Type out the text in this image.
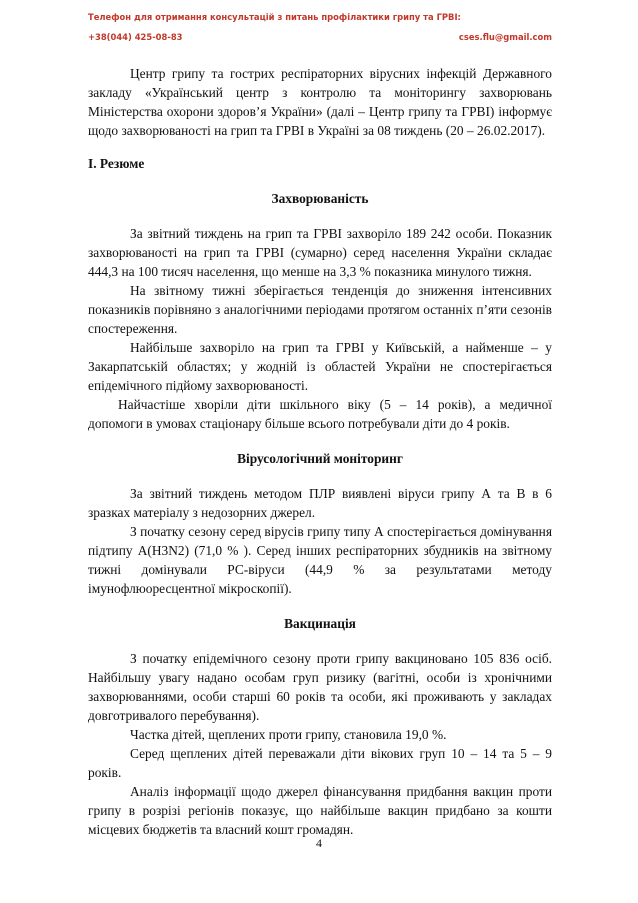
Телефон для отримання консультацій з питань профілактики грипу та ГРВІ:
+38(044) 425-08-83	cses.flu@gmail.com

Центр грипу та гострих респіраторних вірусних інфекцій Державного закладу «Український центр з контролю та моніторингу захворювань Міністерства охорони здоров’я України» (далі – Центр грипу та ГРВІ) інформує щодо захворюваності на грип та ГРВІ в Україні за 08 тиждень (20 – 26.02.2017).

І. Резюме
Захворюваність

За звітний тиждень на грип та ГРВІ захворіло 189 242 особи. Показник захворюваності на грип та ГРВІ (сумарно) серед населення України складає 444,3 на 100 тисяч населення, що менше на 3,3 % показника минулого тижня.

На звітному тижні зберігається тенденція до зниження інтенсивних показників порівняно з аналогічними періодами протягом останніх п’яти сезонів спостереження.

Найбільше захворіло на грип та ГРВІ у Київській, а найменше – у Закарпатській областях; у жодній із областей України не спостерігається епідемічного підйому захворюваності.

Найчастіше хворіли діти шкільного віку (5 – 14 років), а медичної допомоги в умовах стаціонару більше всього потребували діти до 4 років.

Вірусологічний моніторинг

За звітний тиждень методом ПЛР виявлені віруси грипу А та В в 6 зразках матеріалу з недозорних джерел.

З початку сезону серед вірусів грипу типу А спостерігається домінування підтипу А(Н3N2) (71,0 % ). Серед інших респіраторних збудників на звітному тижні домінували РС-віруси (44,9 % за результатами методу імунофлюоресцентної мікроскопії).

Вакцинація

З початку епідемічного сезону проти грипу вакциновано 105 836 осіб. Найбільшу увагу надано особам груп ризику (вагітні, особи із хронічними захворюваннями, особи старші 60 років та особи, які проживають у закладах довготривалого перебування).

Частка дітей, щеплених проти грипу, становила 19,0 %.

Серед щеплених дітей переважали діти вікових груп 10 – 14 та 5 – 9 років.

Аналіз інформації щодо джерел фінансування придбання вакцин проти грипу в розрізі регіонів показує, що найбільше вакцин придбано за кошти місцевих бюджетів та власний кошт громадян.

4
